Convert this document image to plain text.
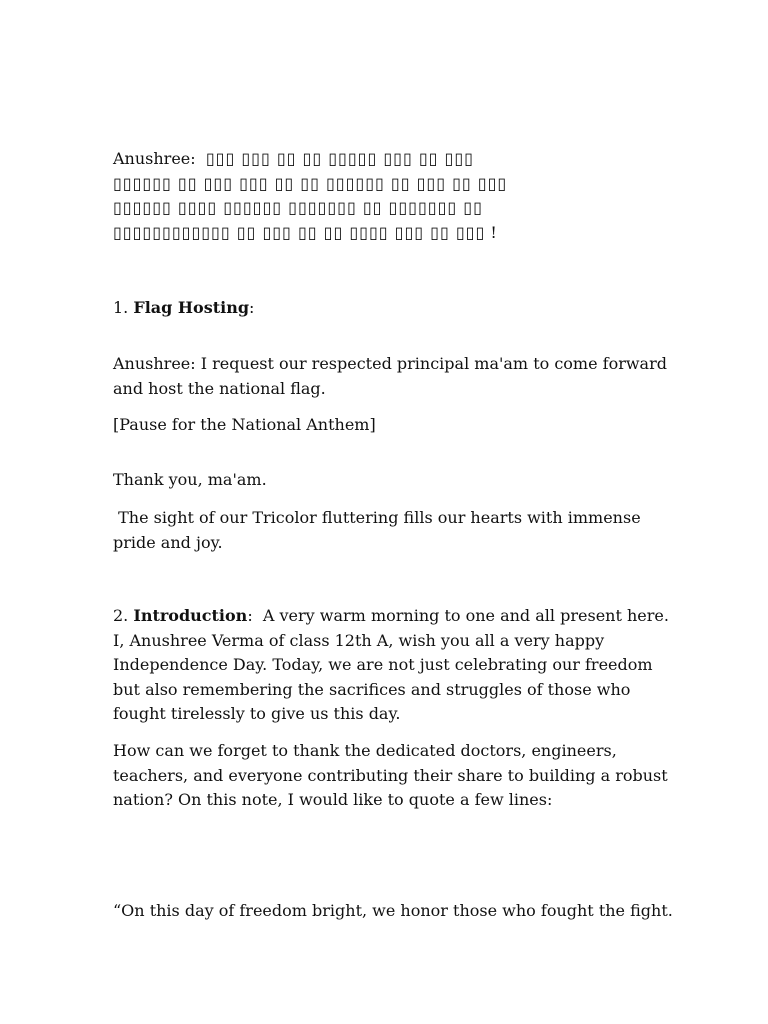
Anushree: ▯▯▯ ▯▯▯ ▯▯ ▯▯ ▯▯▯▯▯ ▯▯▯ ▯▯ ▯▯▯
▯▯▯▯▯▯ ▯▯ ▯▯▯ ▯▯▯ ▯▯ ▯▯ ▯▯▯▯▯▯ ▯▯ ▯▯▯ ▯▯ ▯▯▯
▯▯▯▯▯▯ ▯▯▯▯ ▯▯▯▯▯▯ ▯▯▯▯▯▯▯ ▯▯ ▯▯▯▯▯▯▯ ▯▯
▯▯▯▯▯▯▯▯▯▯▯▯ ▯▯ ▯▯▯ ▯▯ ▯▯ ▯▯▯▯ ▯▯▯ ▯▯ ▯▯▯ !

1. Flag Hosting:

Anushree: I request our respected principal ma'am to come forward and host the national flag.

[Pause for the National Anthem]

Thank you, ma'am.

The sight of our Tricolor fluttering fills our hearts with immense pride and joy.

2. Introduction:  A very warm morning to one and all present here. I, Anushree Verma of class 12th A, wish you all a very happy Independence Day. Today, we are not just celebrating our freedom but also remembering the sacrifices and struggles of those who fought tirelessly to give us this day.

How can we forget to thank the dedicated doctors, engineers, teachers, and everyone contributing their share to building a robust nation? On this note, I would like to quote a few lines:

“On this day of freedom bright, we honor those who fought the fight.
